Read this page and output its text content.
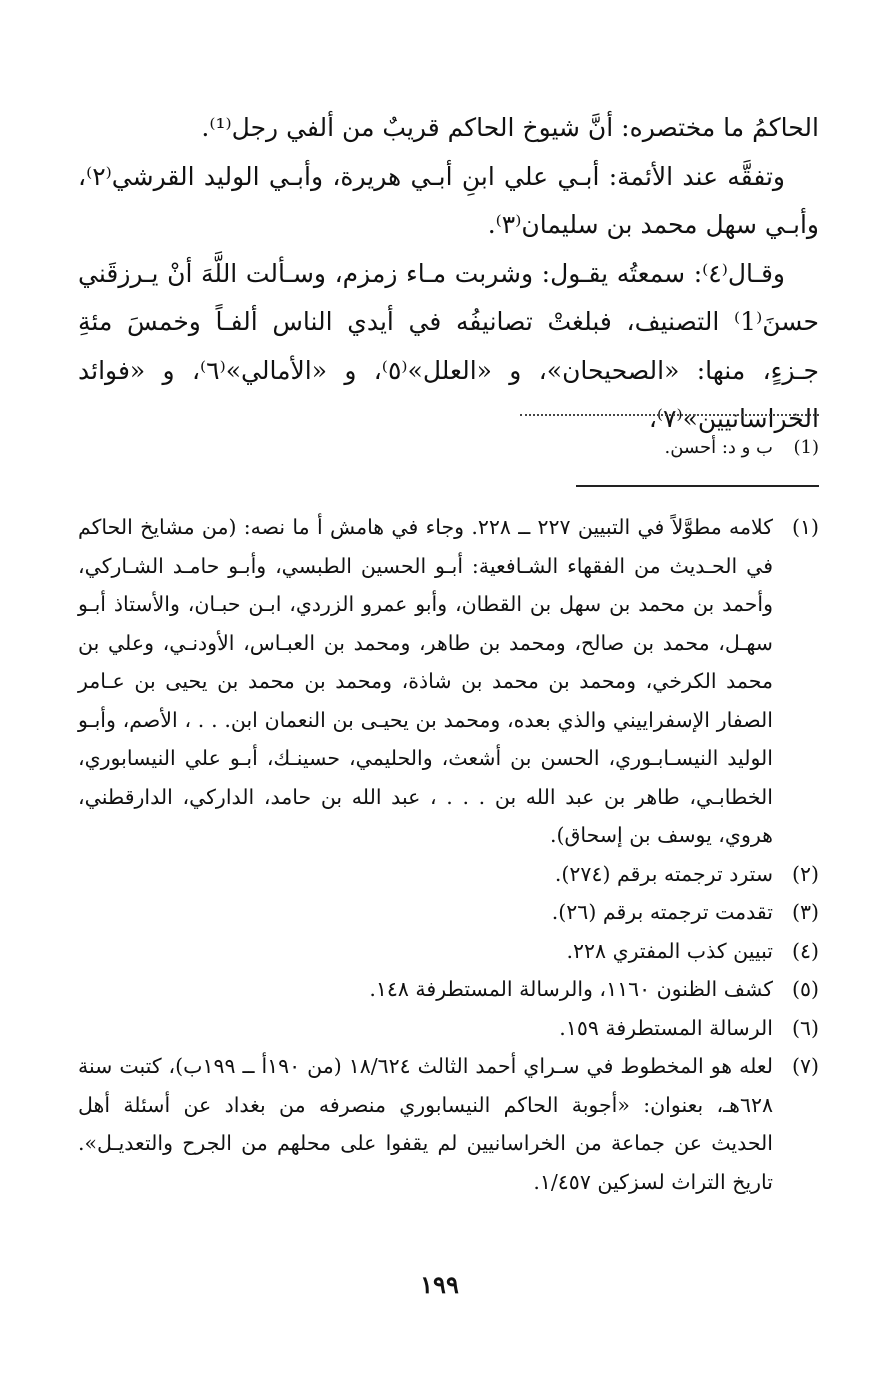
الحاكمُ ما مختصره: أنَّ شيوخ الحاكم قريبٌ من ألفي رجل⁽¹⁾.

وتفقَّه عند الأئمة: أبـي علي ابنِ أبـي هريرة، وأبـي الوليد القرشي⁽٢⁾، وأبـي سهل محمد بن سليمان⁽٣⁾.

وقـال⁽٤⁾: سمعتُه يقـول: وشربت مـاء زمزم، وسـألت اللَّهَ أنْ يـرزقَني حسنَ⁽1⁾ التصنيف، فبلغتْ تصانيفُه في أيدي الناس ألفـاً وخمسَ مئةِ جـزءٍ، منها: «الصحيحان»، و «العلل»⁽٥⁾، و «الأمالي»⁽٦⁾، و «فوائد الخراسانيين»⁽٧⁾،

(1)
ب و د: أحسن.
(١)
كلامه مطوَّلاً في التبيين ٢٢٧ ــ ٢٢٨. وجاء في هامش أ ما نصه: (من مشايخ الحاكم في الحـديث من الفقهاء الشـافعية: أبـو الحسين الطبسي، وأبـو حامـد الشـاركي، وأحمد بن محمد بن سهل بن القطان، وأبو عمرو الزردي، ابـن حبـان، والأستاذ أبـو سهـل، محمد بن صالح، ومحمد بن طاهر، ومحمد بن العبـاس، الأودنـي، وعلي بن محمد الكرخي، ومحمد بن محمد بن شاذة، ومحمد بن محمد بن يحيى بن عـامر الصفار الإسفراييني والذي بعده، ومحمد بن يحيـى بن النعمان ابن. . . ، الأصم، وأبـو الوليد النيسـابـوري، الحسن بن أشعث، والحليمي، حسينـك، أبـو علي النيسابوري، الخطابـي، طاهر بن عبد الله بن . . . ، عبد الله بن حامد، الداركي، الدارقطني، هروي، يوسف بن إسحاق).
(٢)
سترد ترجمته برقم (٢٧٤).
(٣)
تقدمت ترجمته برقم (٢٦).
(٤)
تبيين كذب المفتري ٢٢٨.
(٥)
كشف الظنون ١١٦٠، والرسالة المستطرفة ١٤٨.
(٦)
الرسالة المستطرفة ١٥٩.
(٧)
لعله هو المخطوط في سـراي أحمد الثالث ١٨/٦٢٤ (من ١٩٠أ ــ ١٩٩ب)، كتبت سنة ٦٢٨هـ، بعنوان: «أجوبة الحاكم النيسابوري منصرفه من بغداد عن أسئلة أهل الحديث عن جماعة من الخراسانيين لم يقفوا على محلهم من الجرح والتعديـل». تاريخ التراث لسزكين ١/٤٥٧.
١٩٩
